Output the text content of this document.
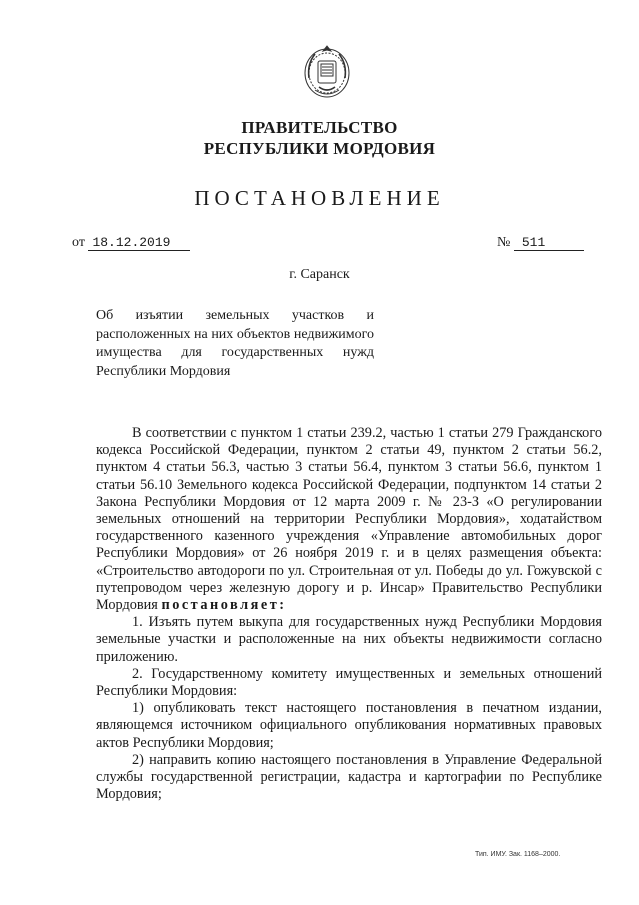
ПРАВИТЕЛЬСТВО
РЕСПУБЛИКИ МОРДОВИЯ
ПОСТАНОВЛЕНИЕ
от 18.12.2019	№ 511
г. Саранск
Об изъятии земельных участков и расположенных на них объектов недвижимого имущества для государственных нужд Республики Мордовия

В соответствии с пунктом 1 статьи 239.2, частью 1 статьи 279 Гражданского кодекса Российской Федерации, пунктом 2 статьи 49, пунктом 2 статьи 56.2, пунктом 4 статьи 56.3, частью 3 статьи 56.4, пунктом 3 статьи 56.6, пунктом 1 статьи 56.10 Земельного кодекса Российской Федерации, подпунктом 14 статьи 2 Закона Республики Мордовия от 12 марта 2009 г. № 23-З «О регулировании земельных отношений на территории Республики Мордовия», ходатайством государственного казенного учреждения «Управление автомобильных дорог Республики Мордовия» от 26 ноября 2019 г. и в целях размещения объекта: «Строительство автодороги по ул. Строительная от ул. Победы до ул. Гожувской с путепроводом через железную дорогу и р. Инсар» Правительство Республики Мордовия постановляет:

1. Изъять путем выкупа для государственных нужд Республики Мордовия земельные участки и расположенные на них объекты недвижимости согласно приложению.

2. Государственному комитету имущественных и земельных отношений Республики Мордовия:

1) опубликовать текст настоящего постановления в печатном издании, являющемся источником официального опубликования нормативных правовых актов Республики Мордовия;

2) направить копию настоящего постановления в Управление Федеральной службы государственной регистрации, кадастра и картографии по Республике Мордовия;

Тип. ИМУ. Зак. 1168–2000.
